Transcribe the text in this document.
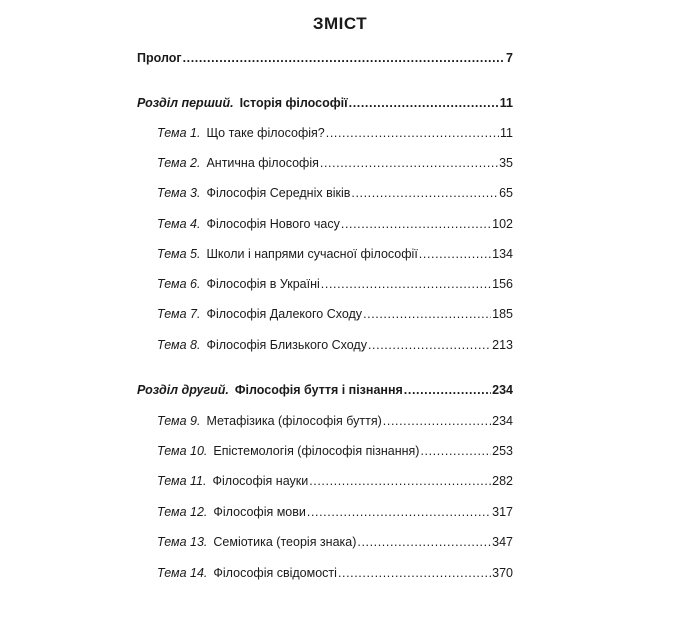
ЗМІСТ
Пролог .....	7
Розділ перший. Історія філософії .....	11
Тема 1. Що таке філософія? .....	11
Тема 2. Антична філософія .....	35
Тема 3. Філософія Середніх віків .....	65
Тема 4. Філософія Нового часу .....	102
Тема 5. Школи і напрями сучасної філософії .....	134
Тема 6. Філософія в Україні .....	156
Тема 7. Філософія Далекого Сходу .....	185
Тема 8. Філософія Близького Сходу .....	213
Розділ другий. Філософія буття і пізнання .....	234
Тема 9. Метафізика (філософія буття) .....	234
Тема 10. Епістемологія (філософія пізнання) .....	253
Тема 11. Філософія науки .....	282
Тема 12. Філософія мови .....	317
Тема 13. Семіотика (теорія знака) .....	347
Тема 14. Філософія свідомості .....	370
